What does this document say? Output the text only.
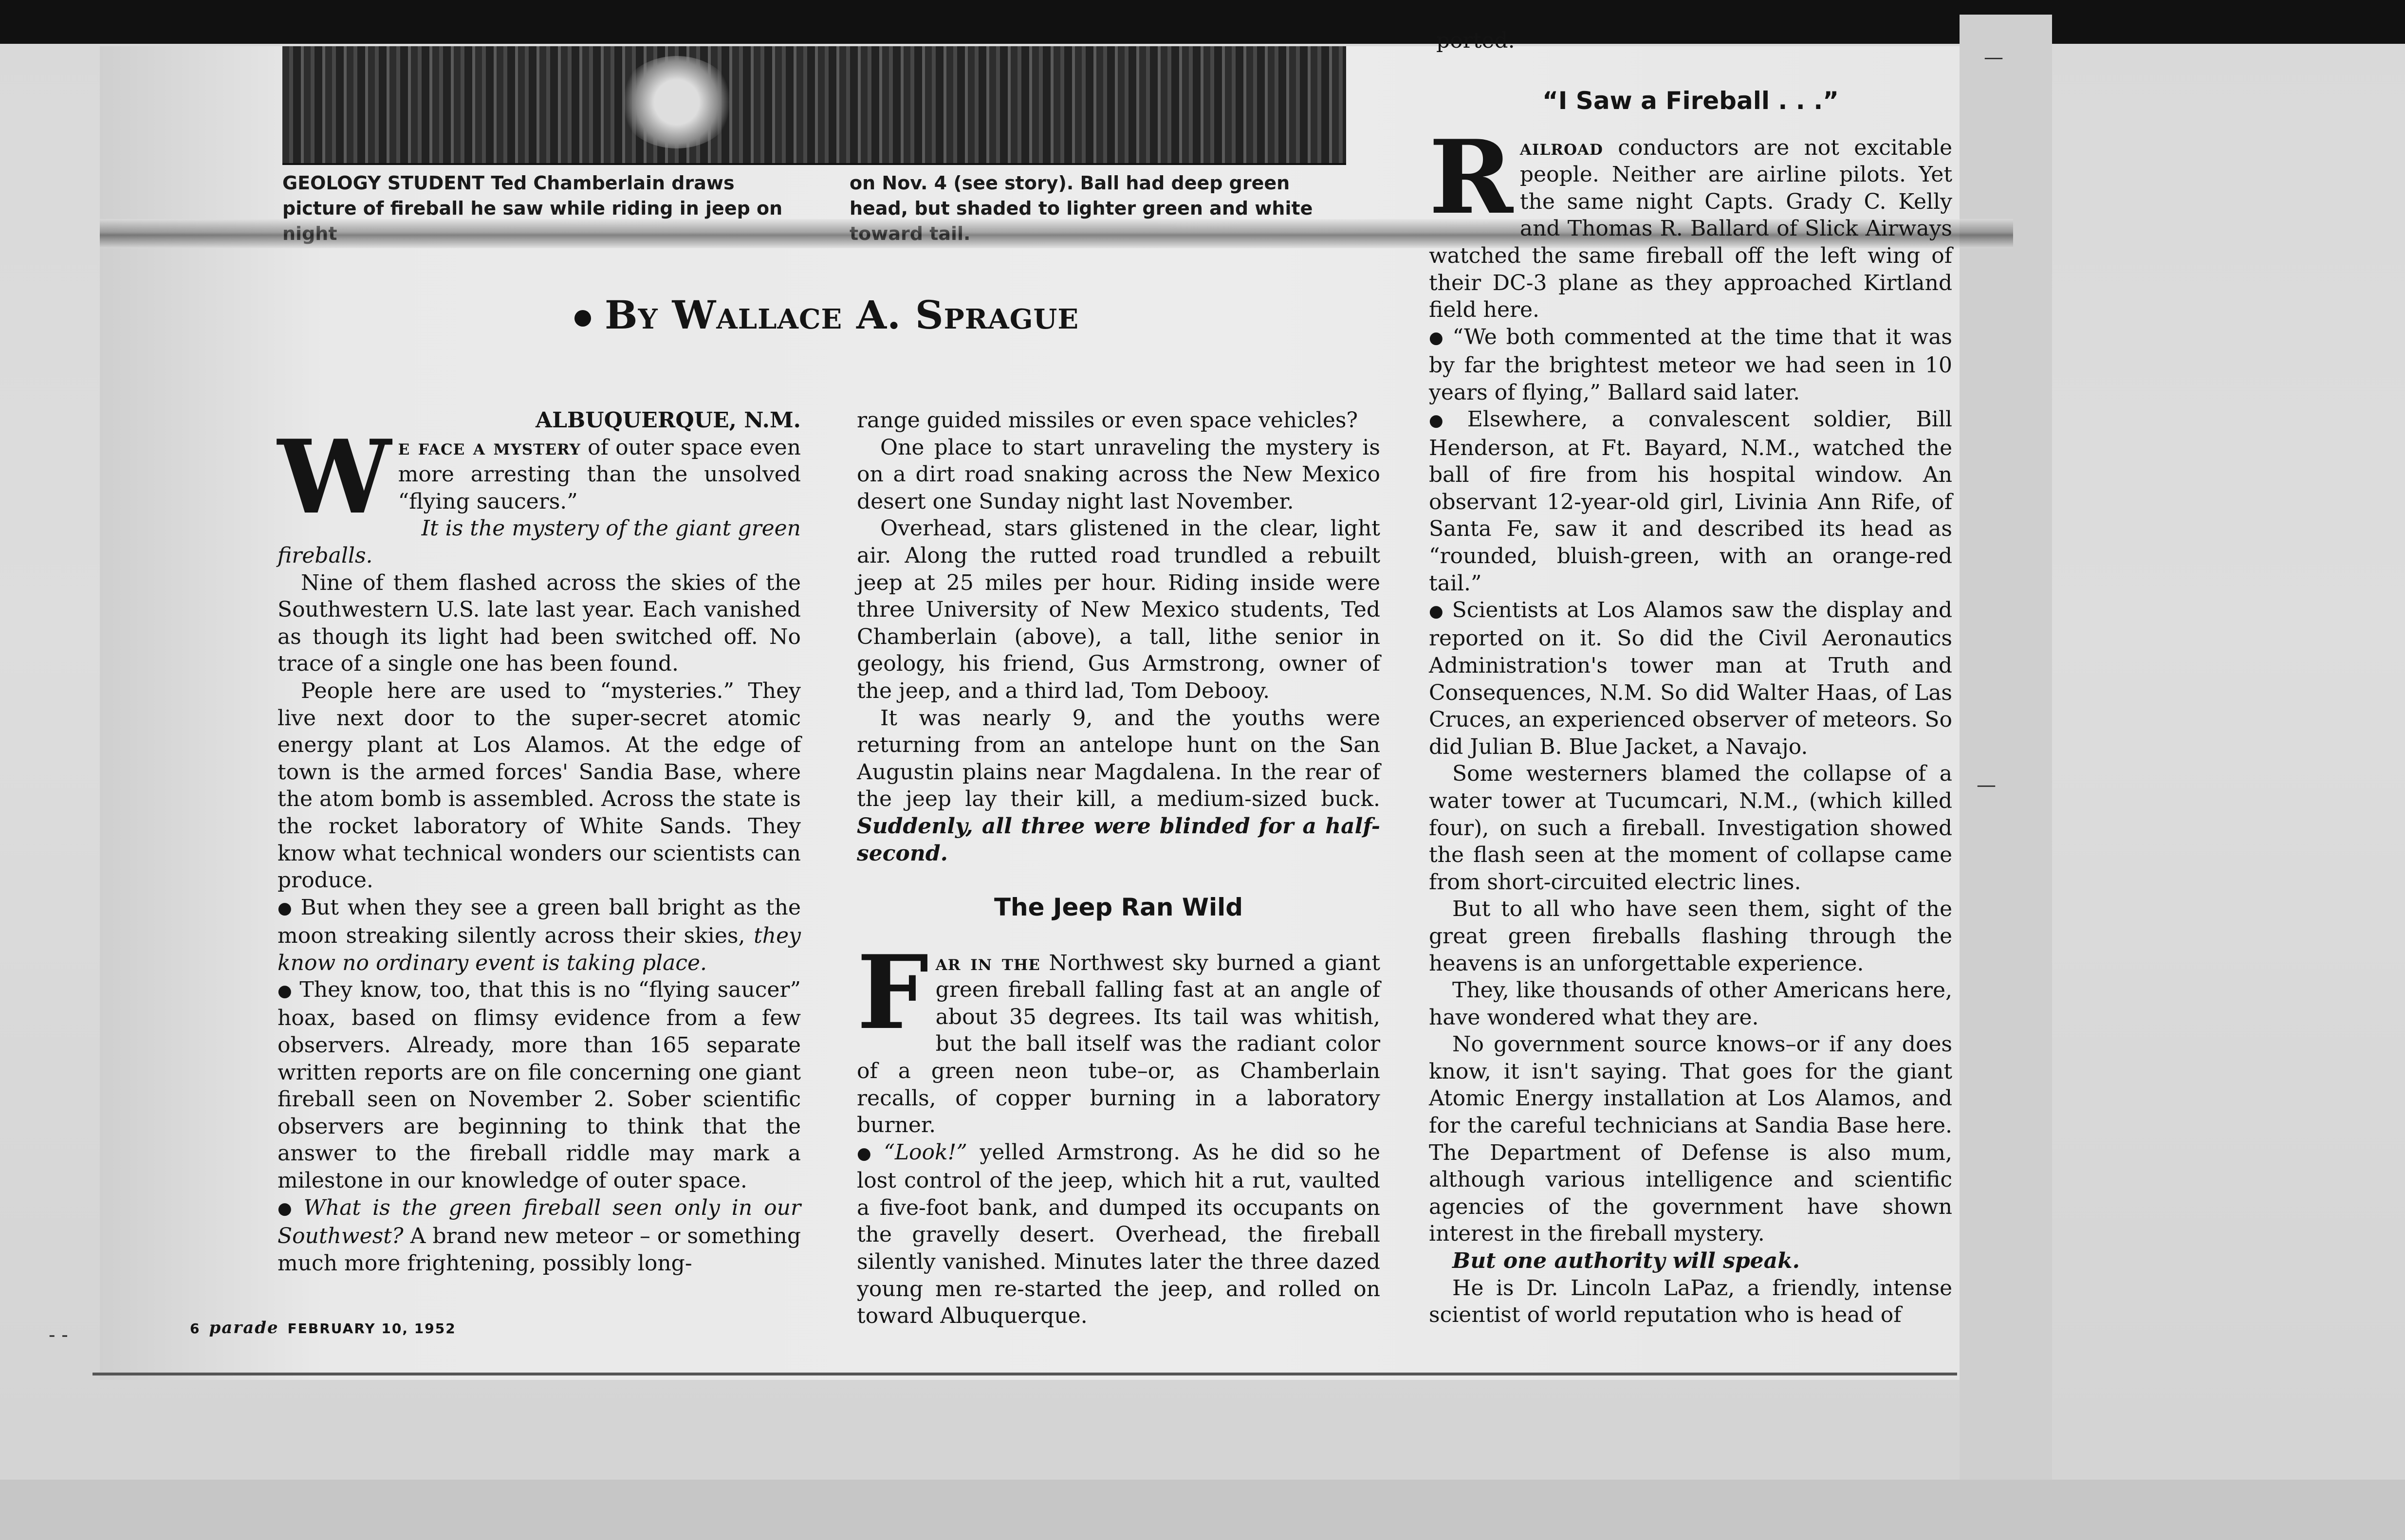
GEOLOGY STUDENT Ted Chamberlain draws picture of fireball he saw while riding in jeep on

on Nov. 4 (see story). Ball had deep green head, but shaded to lighter green and white

By Wallace A. Sprague

ALBUQUERQUE, N.M.

We face a mystery of outer space even more arresting than the unsolved “flying saucers.”

It is the mystery of the giant green fireballs.

Nine of them flashed across the skies of the Southwestern U.S. late last year. Each vanished as though its light had been switched off. No trace of a single one has been found.

People here are used to “mysteries.” They live next door to the super-secret atomic energy plant at Los Alamos. At the edge of town is the armed forces' Sandia Base, where the atom bomb is assembled. Across the state is the rocket laboratory of White Sands. They know what technical wonders our scientists can produce.

● But when they see a green ball bright as the moon streaking silently across their skies, they know no ordinary event is taking place.

● They know, too, that this is no “flying saucer” hoax, based on flimsy evidence from a few observers. Already, more than 165 separate written reports are on file concerning one giant fireball seen on November 2. Sober scientific observers are beginning to think that the answer to the fireball riddle may mark a milestone in our knowledge of outer space.

● What is the green fireball seen only in our Southwest? A brand new meteor – or something much more frightening, possibly long-

range guided missiles or even space vehicles?

One place to start unraveling the mystery is on a dirt road snaking across the New Mexico desert one Sunday night last November.

Overhead, stars glistened in the clear, light air. Along the rutted road trundled a rebuilt jeep at 25 miles per hour. Riding inside were three University of New Mexico students, Ted Chamberlain (above), a tall, lithe senior in geology, his friend, Gus Armstrong, owner of the jeep, and a third lad, Tom Debooy.

It was nearly 9, and the youths were returning from an antelope hunt on the San Augustin plains near Magdalena. In the rear of the jeep lay their kill, a medium-sized buck. Suddenly, all three were blinded for a half-second.

The Jeep Ran Wild

Far in the Northwest sky burned a giant green fireball falling fast at an angle of about 35 degrees. Its tail was whitish, but the ball itself was the radiant color of a green neon tube–or, as Chamberlain recalls, of copper burning in a laboratory burner.

● “Look!” yelled Armstrong. As he did so he lost control of the jeep, which hit a rut, vaulted a five-foot bank, and dumped its occupants on the gravelly desert. Overhead, the fireball silently vanished. Minutes later the three dazed young men re-started the jeep, and rolled on toward Albuquerque.

ported.

“I Saw a Fireball . . .”

Railroad conductors are not excitable people. Neither are airline pilots. Yet the same night Capts. Grady C. Kelly and Thomas R. Ballard of Slick Airways watched the same fireball off the left wing of their DC-3 plane as they approached Kirtland field here.

● “We both commented at the time that it was by far the brightest meteor we had seen in 10 years of flying,” Ballard said later.

● Elsewhere, a convalescent soldier, Bill Henderson, at Ft. Bayard, N.M., watched the ball of fire from his hospital window. An observant 12-year-old girl, Livinia Ann Rife, of Santa Fe, saw it and described its head as “rounded, bluish-green, with an orange-red tail.”

● Scientists at Los Alamos saw the display and reported on it. So did the Civil Aeronautics Administration's tower man at Truth and Consequences, N.M. So did Walter Haas, of Las Cruces, an experienced observer of meteors. So did Julian B. Blue Jacket, a Navajo.

Some westerners blamed the collapse of a water tower at Tucumcari, N.M., (which killed four), on such a fireball. Investigation showed the flash seen at the moment of collapse came from short-circuited electric lines.

But to all who have seen them, sight of the great green fireballs flashing through the heavens is an unforgettable experience.

They, like thousands of other Americans here, have wondered what they are.

No government source knows–or if any does know, it isn't saying. That goes for the giant Atomic Energy installation at Los Alamos, and for the careful technicians at Sandia Base here. The Department of Defense is also mum, although various intelligence and scientific agencies of the government have shown interest in the fireball mystery.

But one authority will speak.

He is Dr. Lincoln LaPaz, a friendly, intense scientist of world reputation who is head of

6 parade FEBRUARY 10, 1952
—
—
- -
